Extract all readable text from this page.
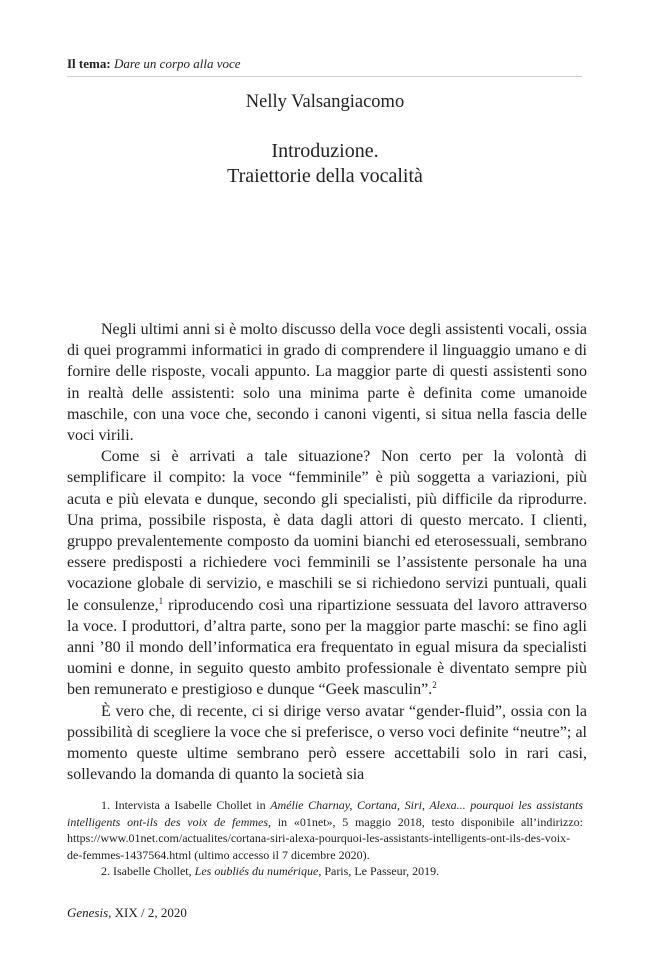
Il tema: Dare un corpo alla voce
Nelly Valsangiacomo
Introduzione.
Traiettorie della vocalità

Negli ultimi anni si è molto discusso della voce degli assistenti vocali, ossia di quei programmi informatici in grado di comprendere il linguaggio umano e di fornire delle risposte, vocali appunto. La maggior parte di questi assistenti sono in realtà delle assistenti: solo una minima parte è definita come umanoide maschile, con una voce che, secondo i canoni vigenti, si situa nella fascia delle voci virili.

Come si è arrivati a tale situazione? Non certo per la volontà di semplificare il compito: la voce “femminile” è più soggetta a variazioni, più acuta e più elevata e dunque, secondo gli specialisti, più difficile da riprodurre. Una prima, possibile risposta, è data dagli attori di questo mercato. I clienti, gruppo prevalentemente composto da uomini bianchi ed eterosessuali, sembrano essere predisposti a richiedere voci femminili se l’assistente personale ha una vocazione globale di servizio, e maschili se si richiedono servizi puntuali, quali le consulenze,$^1$ riproducendo così una ripartizione sessuata del lavoro attraverso la voce. I produttori, d’altra parte, sono per la maggior parte maschi: se fino agli anni ’80 il mondo dell’informatica era frequentato in egual misura da specialisti uomini e donne, in seguito questo ambito professionale è diventato sempre più ben remunerato e prestigioso e dunque “Geek masculin”.$^2$

È vero che, di recente, ci si dirige verso avatar “gender-fluid”, ossia con la possibilità di scegliere la voce che si preferisce, o verso voci definite “neutre”; al momento queste ultime sembrano però essere accettabili solo in rari casi, sollevando la domanda di quanto la società sia

1. Intervista a Isabelle Chollet in Amélie Charnay, Cortana, Siri, Alexa... pourquoi les assistants intelligents ont-ils des voix de femmes, in «01net», 5 maggio 2018, testo disponibile all’indirizzo: https://www.01net.com/actualites/cortana-siri-alexa-pourquoi-les-assistants-intelligents-ont-ils-des-voix-de-femmes-1437564.html (ultimo accesso il 7 dicembre 2020).

2. Isabelle Chollet, Les oubliés du numérique, Paris, Le Passeur, 2019.

Genesis, XIX / 2, 2020
